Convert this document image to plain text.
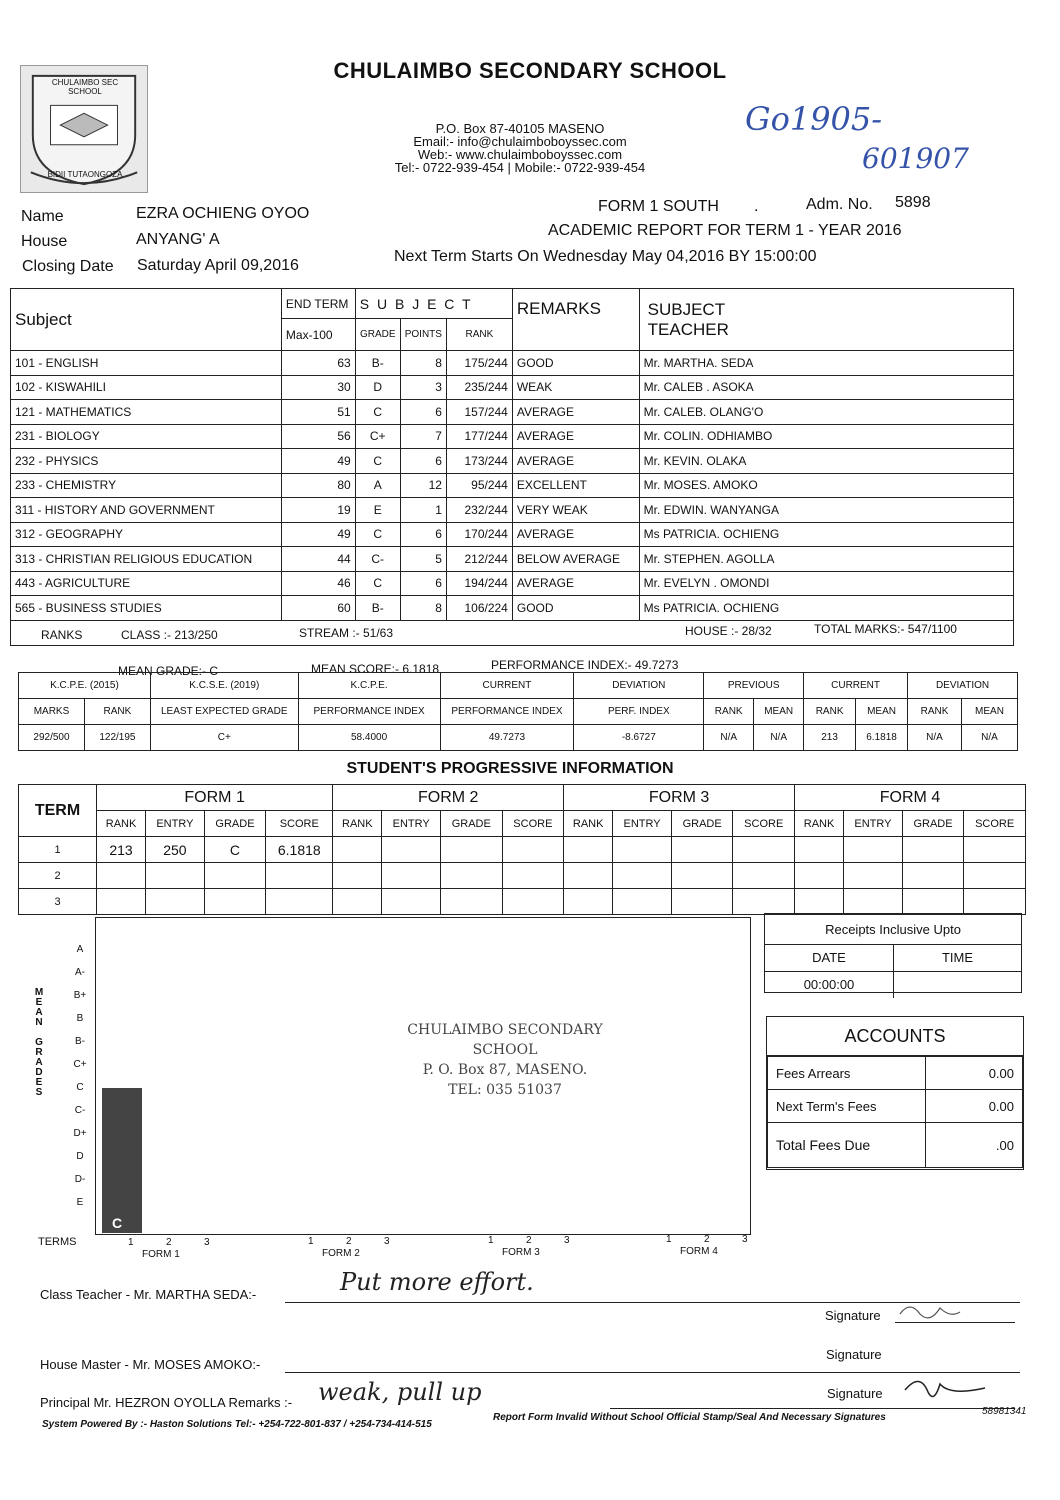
CHULAIMBO SEC SCHOOL
BIDII TUTAONGOZA
CHULAIMBO SECONDARY SCHOOL
P.O. Box 87-40105 MASENO
Email:- info@chulaimboboyssec.com
Web:- www.chulaimboboyssec.com
Tel:- 0722-939-454 | Mobile:- 0722-939-454
Go1905-
601907
Name	EZRA OCHIENG OYOO
House	ANYANG' A
Closing Date Saturday April 09,2016
FORM 1 SOUTH .	Adm. No. 5898
ACADEMIC REPORT FOR TERM 1 - YEAR 2016
Next Term Starts On Wednesday May 04,2016 BY 15:00:00
Subject	END TERM	S U B J E C T			REMARKS	SUBJECT
TEACHER

	Max-100	GRADE	POINTS	RANK		
101 - ENGLISH	63	B-	8	175/244	GOOD	Mr. MARTHA. SEDA
102 - KISWAHILI	30	D	3	235/244	WEAK	Mr. CALEB . ASOKA
121 - MATHEMATICS	51	C	6	157/244	AVERAGE	Mr. CALEB. OLANG'O
231 - BIOLOGY	56	C+	7	177/244	AVERAGE	Mr. COLIN. ODHIAMBO
232 - PHYSICS	49	C	6	173/244	AVERAGE	Mr. KEVIN. OLAKA
233 - CHEMISTRY	80	A	12	95/244	EXCELLENT	Mr. MOSES. AMOKO
311 - HISTORY AND GOVERNMENT	19	E	1	232/244	VERY WEAK	Mr. EDWIN. WANYANGA
312 - GEOGRAPHY	49	C	6	170/244	AVERAGE	Ms PATRICIA. OCHIENG
313 - CHRISTIAN RELIGIOUS EDUCATION	44	C-	5	212/244	BELOW AVERAGE	Mr. STEPHEN. AGOLLA
443 - AGRICULTURE	46	C	6	194/244	AVERAGE	Mr. EVELYN . OMONDI
565 - BUSINESS STUDIES	60	B-	8	106/224	GOOD	Ms PATRICIA. OCHIENG

RANKS CLASS :- 213/250 STREAM :- 51/63 HOUSE :- 28/32 TOTAL MARKS:- 547/1100						
MEAN GRADE:- C	MEAN SCORE:- 6.1818	PERFORMANCE INDEX:- 49.7273
K.C.P.E. (2015)		K.C.S.E. (2019)	K.C.P.E.	CURRENT	DEVIATION	PREVIOUS		CURRENT		DEVIATION	
MARKS	RANK	LEAST EXPECTED GRADE	PERFORMANCE INDEX	PERFORMANCE INDEX	PERF. INDEX	RANK	MEAN	RANK	MEAN	RANK	MEAN
292/500	122/195	C+	58.4000	49.7273	-8.6727	N/A	N/A	213	6.1818	N/A	N/A
STUDENT'S PROGRESSIVE INFORMATION
TERM	FORM 1				FORM 2				FORM 3				FORM 4			
	RANK	ENTRY	GRADE	SCORE	RANK	ENTRY	GRADE	SCORE	RANK	ENTRY	GRADE	SCORE	RANK	ENTRY	GRADE	SCORE
1	213	250	C	6.1818												
2																
3																
A
A-
B+
B
B-
C+
C
C-
D+
D
D-
E
M
E
A
N
G
R
A
D
E
S
C
TERMS	1	2	3
FORM 1
1	2	3
FORM 2
1	2	3
FORM 3
1	2	3
FORM 4
CHULAIMBO SECONDARY SCHOOL
P. O. Box 87, MASENO.
TEL: 035 51037
Receipts Inclusive Upto
DATE	TIME
00:00:00
ACCOUNTS
Fees Arrears	0.00
Next Term's Fees	0.00
Total Fees Due	.00
Class Teacher - Mr. MARTHA SEDA:-	Put more effort.
Signature
House Master - Mr. MOSES AMOKO:-
Signature
Principal Mr. HEZRON OYOLLA Remarks :- weak, pull up	Signature
System Powered By :- Haston Solutions Tel:- +254-722-801-837 / +254-734-414-515
Report Form Invalid Without School Official Stamp/Seal And Necessary Signatures
58981341
